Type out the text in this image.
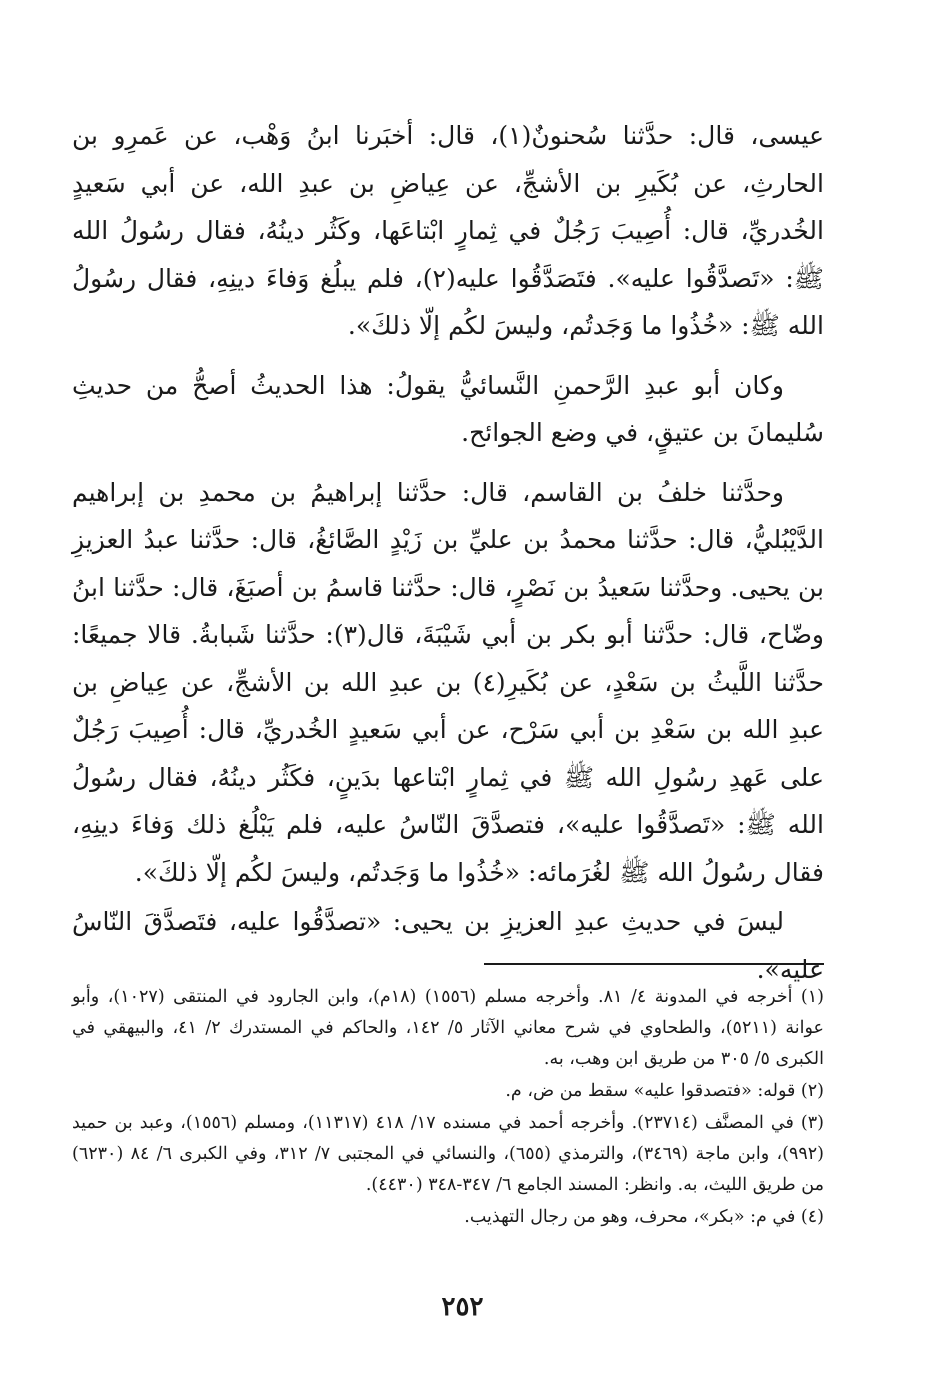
عيسى، قال: حدَّثنا سُحنونٌ(١)، قال: أخبَرنا ابنُ وَهْب، عن عَمرِو بن الحارثِ، عن بُكَيرِ بن الأشجِّ، عن عِياضِ بن عبدِ الله، عن أبي سَعيدٍ الخُدريِّ، قال: أُصِيبَ رَجُلٌ في ثِمارٍ ابْتاعَها، وكَثُر دينُهُ، فقال رسُولُ الله ﷺ: «تَصدَّقُوا عليه». فتَصَدَّقُوا عليه(٢)، فلم يبلُغ وَفاءَ دينِهِ، فقال رسُولُ الله ﷺ: «خُذُوا ما وَجَدتُم، وليسَ لكُم إلّا ذلكَ».

وكان أبو عبدِ الرَّحمنِ النَّسائيُّ يقولُ: هذا الحديثُ أصحُّ من حديثِ سُليمانَ بن عتيقٍ، في وضع الجوائح.

وحدَّثنا خلفُ بن القاسم، قال: حدَّثنا إبراهيمُ بن محمدِ بن إبراهيم الدَّيْبُليُّ، قال: حدَّثنا محمدُ بن عليِّ بن زَيْدٍ الصَّائغُ، قال: حدَّثنا عبدُ العزيزِ بن يحيى. وحدَّثنا سَعيدُ بن نَصْرٍ، قال: حدَّثنا قاسمُ بن أصبَغَ، قال: حدَّثنا ابنُ وضّاح، قال: حدَّثنا أبو بكر بن أبي شَيْبَةَ، قال(٣): حدَّثنا شَبابةُ. قالا جميعًا: حدَّثنا اللَّيثُ بن سَعْدٍ، عن بُكَيرِ(٤) بن عبدِ الله بن الأشجِّ، عن عِياضِ بن عبدِ الله بن سَعْدِ بن أبي سَرْح، عن أبي سَعيدٍ الخُدريِّ، قال: أُصِيبَ رَجُلٌ على عَهدِ رسُولِ الله ﷺ في ثِمارٍ ابْتاعها بدَينٍ، فكَثُر دينُهُ، فقال رسُولُ الله ﷺ: «تَصدَّقُوا عليه»، فتصدَّقَ النّاسُ عليه، فلم يَبْلُغ ذلك وَفاءَ دينِهِ، فقال رسُولُ الله ﷺ لغُرَمائه: «خُذُوا ما وَجَدتُم، وليسَ لكُم إلّا ذلكَ».

ليسَ في حديثِ عبدِ العزيزِ بن يحيى: «تصدَّقُوا عليه، فتَصدَّقَ النّاسُ عليه».

(١) أخرجه في المدونة ٤/ ٨١. وأخرجه مسلم (١٥٥٦) (١٨م)، وابن الجارود في المنتقى (١٠٢٧)، وأبو عوانة (٥٢١١)، والطحاوي في شرح معاني الآثار ٥/ ١٤٢، والحاكم في المستدرك ٢/ ٤١، والبيهقي في الكبرى ٥/ ٣٠٥ من طريق ابن وهب، به.

(٢) قوله: «فتصدقوا عليه» سقط من ض، م.

(٣) في المصنَّف (٢٣٧١٤). وأخرجه أحمد في مسنده ١٧/ ٤١٨ (١١٣١٧)، ومسلم (١٥٥٦)، وعبد بن حميد (٩٩٢)، وابن ماجة (٣٤٦٩)، والترمذي (٦٥٥)، والنسائي في المجتبى ٧/ ٣١٢، وفي الكبرى ٦/ ٨٤ (٦٢٣٠) من طريق الليث، به. وانظر: المسند الجامع ٦/ ٣٤٧-٣٤٨ (٤٤٣٠).

(٤) في م: «بكر»، محرف، وهو من رجال التهذيب.

٢٥٢
